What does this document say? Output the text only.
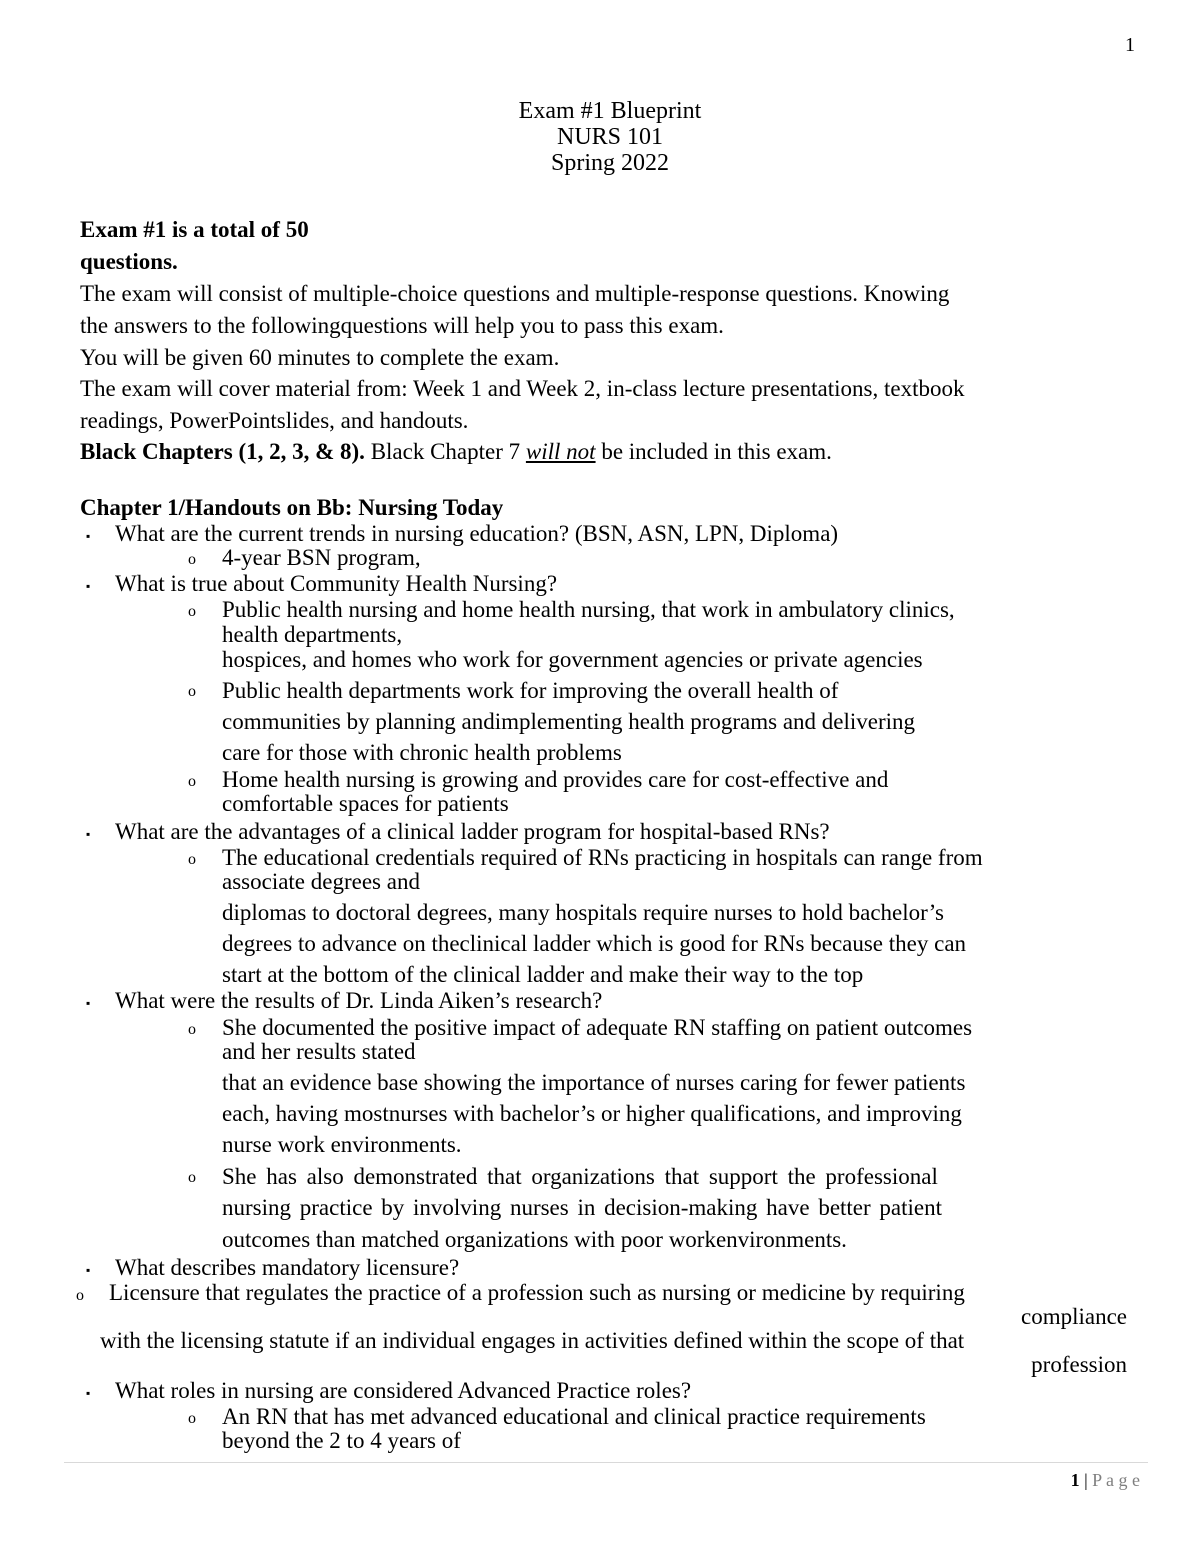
1
Exam #1 Blueprint
NURS 101
Spring 2022
Exam #1 is a total of 50
questions.
The exam will consist of multiple-choice questions and multiple-response questions. Knowing
the answers to the followingquestions will help you to pass this exam.
You will be given 60 minutes to complete the exam.
The exam will cover material from: Week 1 and Week 2, in-class lecture presentations, textbook
readings, PowerPointslides, and handouts.
Black Chapters (1, 2, 3, & 8). Black Chapter 7 will not be included in this exam.
Chapter 1/Handouts on Bb: Nursing Today
▪ What are the current trends in nursing education? (BSN, ASN, LPN, Diploma)
o 4-year BSN program,
▪ What is true about Community Health Nursing?
o Public health nursing and home health nursing, that work in ambulatory clinics,
health departments,
hospices, and homes who work for government agencies or private agencies
o Public health departments work for improving the overall health of
communities by planning andimplementing health programs and delivering
care for those with chronic health problems
o Home health nursing is growing and provides care for cost-effective and
comfortable spaces for patients
▪ What are the advantages of a clinical ladder program for hospital-based RNs?
o The educational credentials required of RNs practicing in hospitals can range from
associate degrees and
diplomas to doctoral degrees, many hospitals require nurses to hold bachelor’s
degrees to advance on theclinical ladder which is good for RNs because they can
start at the bottom of the clinical ladder and make their way to the top
▪ What were the results of Dr. Linda Aiken’s research?
o She documented the positive impact of adequate RN staffing on patient outcomes
and her results stated
that an evidence base showing the importance of nurses caring for fewer patients
each, having mostnurses with bachelor’s or higher qualifications, and improving
nurse work environments.
o She has also demonstrated that organizations that support the professional
nursing practice by involving nurses in decision-making have better patient
outcomes than matched organizations with poor workenvironments.
▪ What describes mandatory licensure?
o Licensure that regulates the practice of a profession such as nursing or medicine by requiring
compliance
with the licensing statute if an individual engages in activities defined within the scope of that
profession
▪ What roles in nursing are considered Advanced Practice roles?
o An RN that has met advanced educational and clinical practice requirements
beyond the 2 to 4 years of
1 | P a g e
